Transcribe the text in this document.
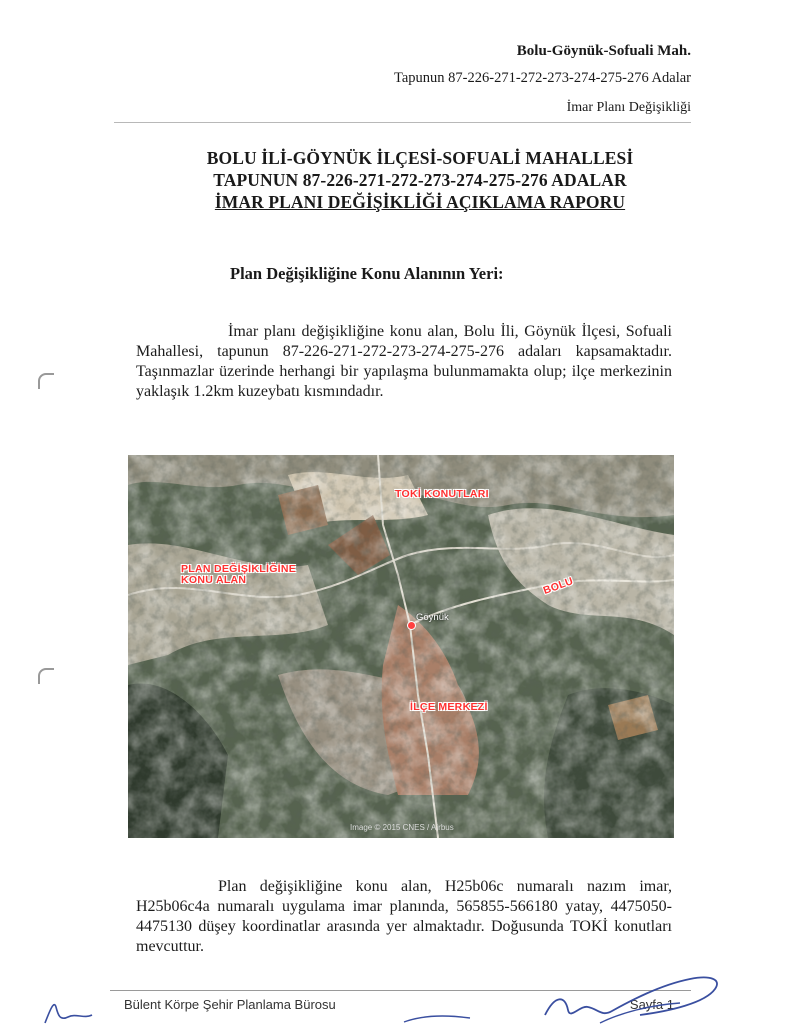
Bolu-Göynük-Sofuali Mah.
Tapunun 87-226-271-272-273-274-275-276 Adalar
İmar Planı Değişikliği
BOLU İLİ-GÖYNÜK İLÇESİ-SOFUALİ MAHALLESİ
TAPUNUN 87-226-271-272-273-274-275-276 ADALAR
İMAR PLANI DEĞİŞİKLİĞİ AÇIKLAMA RAPORU
Plan Değişikliğine Konu Alanının Yeri:
İmar planı değişikliğine konu alan, Bolu İli, Göynük İlçesi, Sofuali Mahallesi, tapunun 87-226-271-272-273-274-275-276 adaları kapsamaktadır. Taşınmazlar üzerinde herhangi bir yapılaşma bulunmamakta olup; ilçe merkezinin yaklaşık 1.2km kuzeybatı kısmındadır.
TOKİ KONUTLARI
PLAN DEĞİŞİKLİĞİNE KONU ALAN	BOLU
İLÇE MERKEZİ
Göynük
Image © 2015 CNES / Airbus
Plan değişikliğine konu alan, H25b06c numaralı nazım imar, H25b06c4a numaralı uygulama imar planında, 565855-566180 yatay, 4475050-4475130 düşey koordinatlar arasında yer almaktadır. Doğusunda TOKİ konutları mevcuttur.
Bülent Körpe Şehir Planlama Bürosu	Sayfa 1
